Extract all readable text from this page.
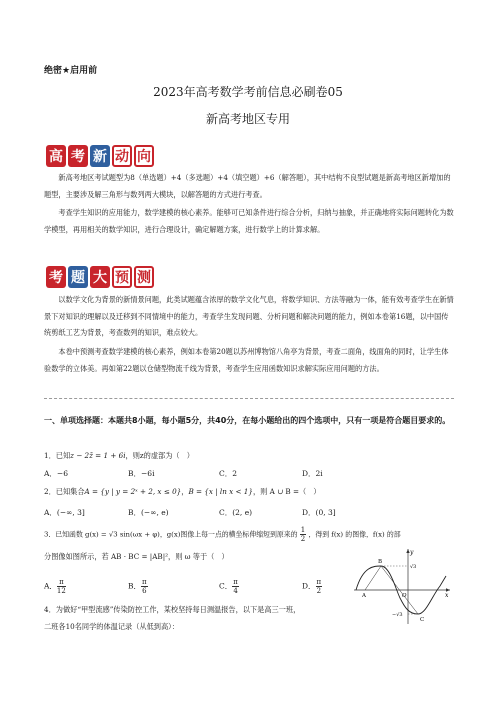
绝密★启用前
2023年高考数学考前信息必刷卷05
新高考地区专用
高 考 新 动 向
新高考地区考试题型为8（单选题）+4（多选题）+4（填空题）+6（解答题），其中结构不良型试题是新高考地区新增加的题型，主要涉及解三角形与数列两大模块，以解答题的方式进行考查。
考查学生知识的应用能力，数学建模的核心素养。能够可已知条件进行综合分析，归纳与抽象，并正确地将实际问题转化为数学模型，再用相关的数学知识，进行合理设计，确定解题方案，进行数学上的计算求解。
考 题 大 预 测
以数学文化为背景的新情景问题，此类试题蕴含浓厚的数学文化气息，将数学知识、方法等融为一体，能有效考查学生在新情景下对知识的理解以及迁移到不同情境中的能力，考查学生发现问题、分析问题和解决问题的能力，例如本卷第16题，以中国传统剪纸工艺为背景，考查数列的知识，难点较大。
本卷中预测考查数学建模的核心素养，例如本卷第20题以苏州博物馆八角亭为背景，考查二面角，线面角的同时，让学生体验数学的立体美。再如第22题以仓储型物流千线为背景，考查学生应用函数知识求解实际应用问题的方法。
一、单项选择题：本题共8小题，每小题5分，共40分，在每小题给出的四个选项中，只有一项是符合题目要求的。
1．已知z − 2z̄ = 1 + 6i，则z的虚部为（　）
A．−6	B．−6i	C．2	D．2i
2．已知集合A = {y | y = 2ˣ + 2, x ≤ 0}，B = {x | ln x < 1}，则 A ∪ B =（　）
A．(−∞, 3]	B．(−∞, e)	C．(2, e)	D．(0, 3]
3．已知函数 g(x) = √3 sin(ωx + φ)，g(x)图像上每一点的横坐标伸缩短到原来的 $\frac{1}{2}$ ，得到 f(x) 的图像，f(x) 的部
分图像如图所示，若 AB · BC = |AB|²，则 ω 等于（　）
A． $\frac{\pi}{12}$	B． $\frac{\pi}{6}$	C． $\frac{\pi}{4}$	D． $\frac{\pi}{2}$
y
x
O
A
B
C
√3
−√3
4．为做好“甲型流感”传染防控工作，某校坚持每日测温报告，以下是高三一班，
二班各10名同学的体温记录（从低到高）：
